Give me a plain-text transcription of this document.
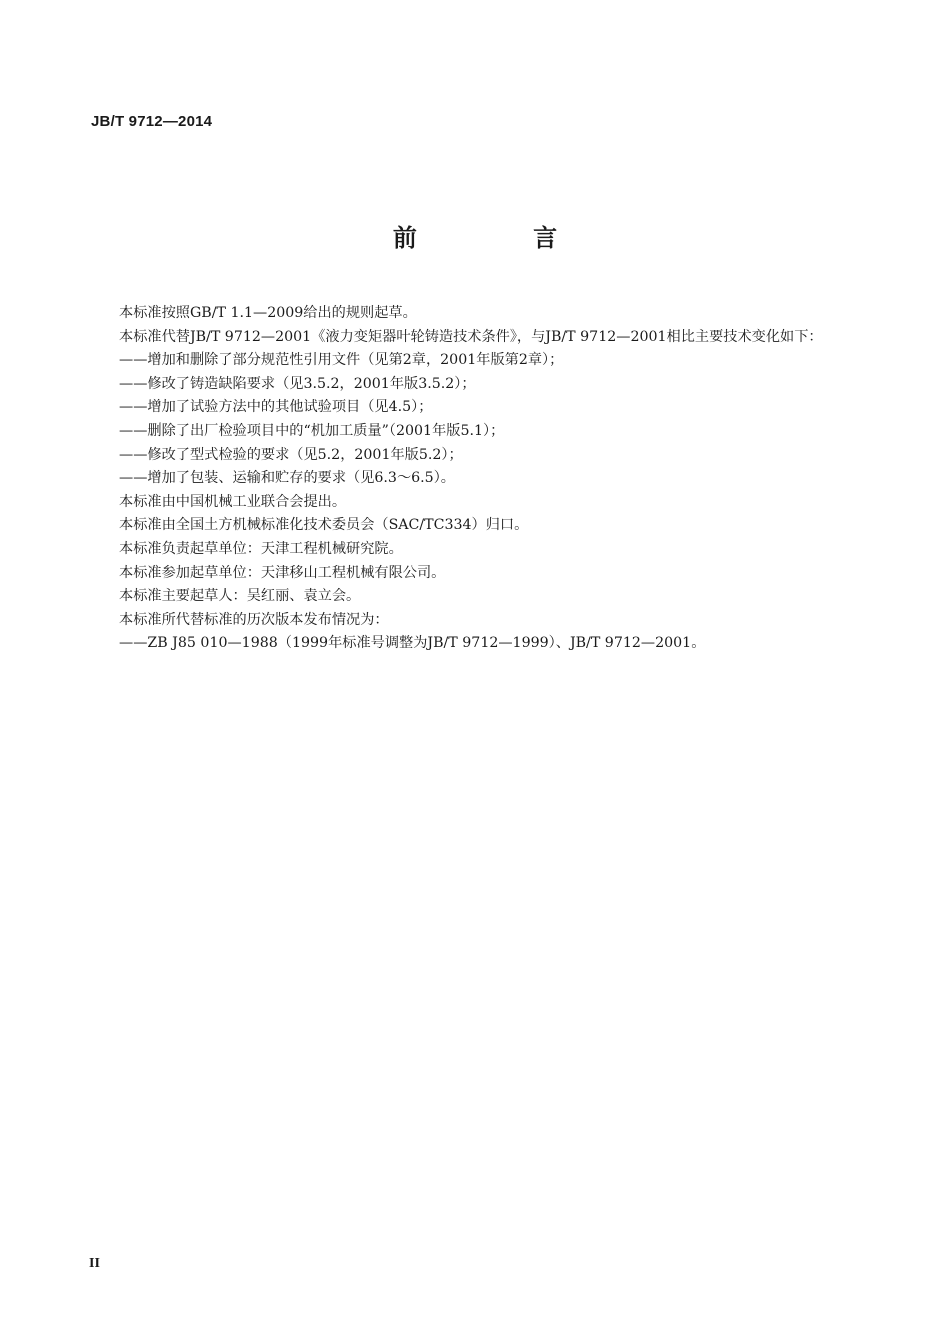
JB/T 9712—2014
前 言

本标准按照GB/T 1.1—2009给出的规则起草。

本标准代替JB/T 9712—2001《液力变矩器叶轮铸造技术条件》，与JB/T 9712—2001相比主要技术变化如下：

——增加和删除了部分规范性引用文件（见第2章，2001年版第2章）；

——修改了铸造缺陷要求（见3.5.2，2001年版3.5.2）；

——增加了试验方法中的其他试验项目（见4.5）；

——删除了出厂检验项目中的“机加工质量”（2001年版5.1）；

——修改了型式检验的要求（见5.2，2001年版5.2）；

——增加了包装、运输和贮存的要求（见6.3～6.5）。

本标准由中国机械工业联合会提出。

本标准由全国土方机械标准化技术委员会（SAC/TC334）归口。

本标准负责起草单位：天津工程机械研究院。

本标准参加起草单位：天津移山工程机械有限公司。

本标准主要起草人：吴红丽、袁立会。

本标准所代替标准的历次版本发布情况为：

——ZB J85 010—1988（1999年标准号调整为JB/T 9712—1999）、JB/T 9712—2001。

II
